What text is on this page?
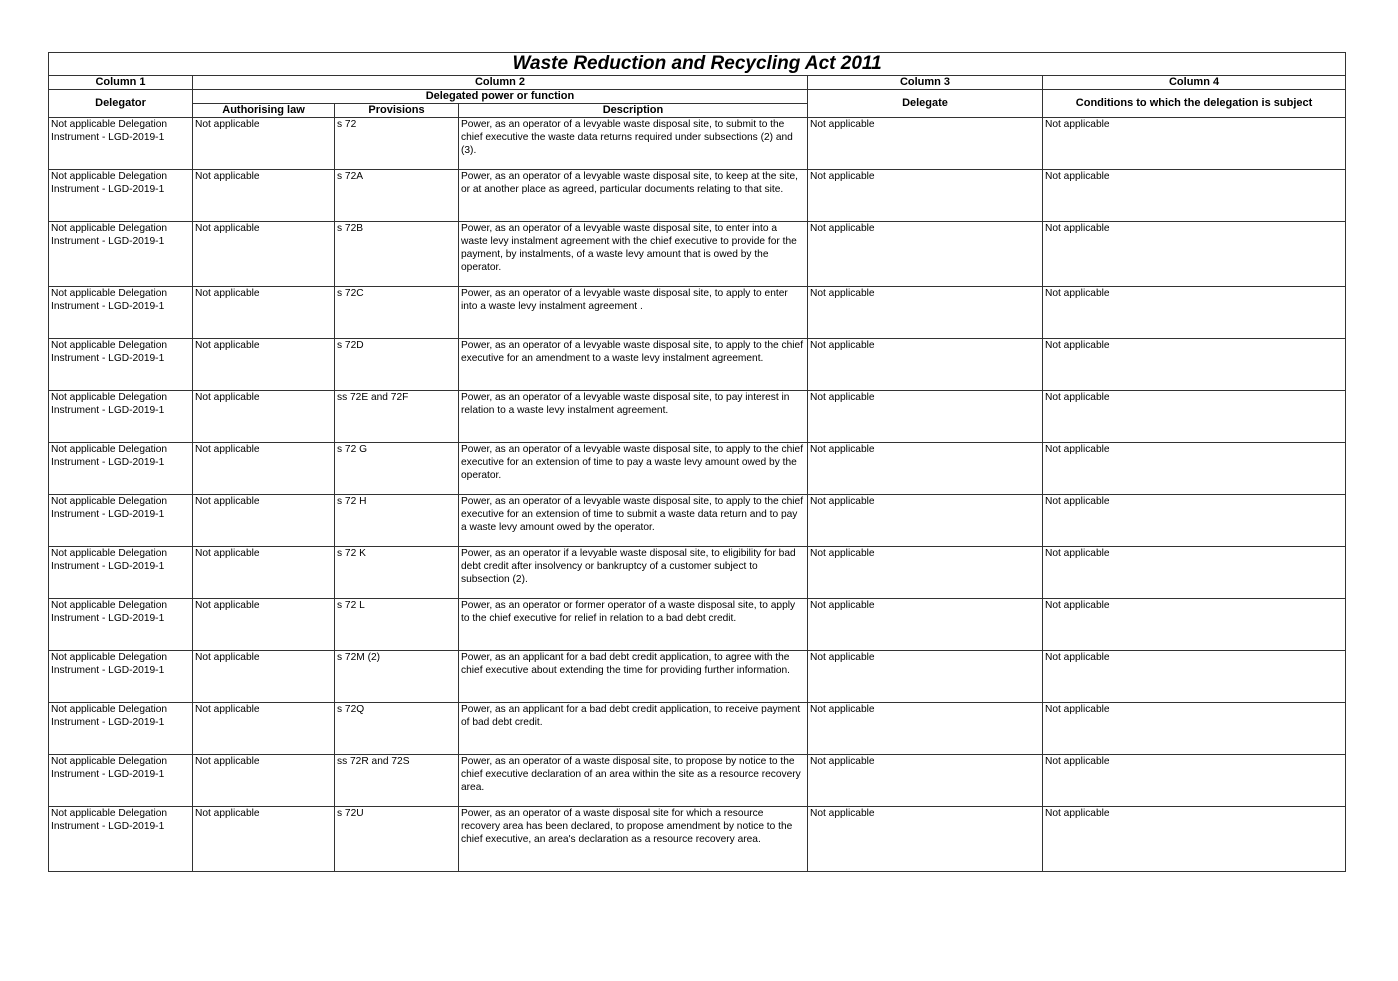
Waste Reduction and Recycling Act 2011					
Column 1	Column 2			Column 3	Column 4
Delegator	Delegated power or function			Delegate	Conditions to which the delegation is subject
	Authorising law	Provisions	Description		
Not applicable Delegation Instrument - LGD-2019-1	Not applicable	s 72	Power, as an operator of a levyable waste disposal site, to submit to the chief executive the waste data returns required under subsections (2) and (3).	Not applicable	Not applicable
Not applicable Delegation Instrument - LGD-2019-1	Not applicable	s 72A	Power, as an operator of a levyable waste disposal site, to keep at the site, or at another place as agreed, particular documents relating to that site.	Not applicable	Not applicable
Not applicable Delegation Instrument - LGD-2019-1	Not applicable	s 72B	Power, as an operator of a levyable waste disposal site, to enter into a waste levy instalment agreement with the chief executive to provide for the payment, by instalments, of a waste levy amount that is owed by the operator.	Not applicable	Not applicable
Not applicable Delegation Instrument - LGD-2019-1	Not applicable	s 72C	Power, as an operator of a levyable waste disposal site, to apply to enter into a waste levy instalment agreement .	Not applicable	Not applicable
Not applicable Delegation Instrument - LGD-2019-1	Not applicable	s 72D	Power, as an operator of a levyable waste disposal site, to apply to the chief executive for an amendment to a waste levy instalment agreement.	Not applicable	Not applicable
Not applicable Delegation Instrument - LGD-2019-1	Not applicable	ss 72E and 72F	Power, as an operator of a levyable waste disposal site, to pay interest in relation to a waste levy instalment agreement.	Not applicable	Not applicable
Not applicable Delegation Instrument - LGD-2019-1	Not applicable	s 72 G	Power, as an operator of a levyable waste disposal site, to apply to the chief executive for an extension of time to pay a waste levy amount owed by the operator.	Not applicable	Not applicable
Not applicable Delegation Instrument - LGD-2019-1	Not applicable	s 72 H	Power, as an operator of a levyable waste disposal site, to apply to the chief executive for an extension of time to submit a waste data return and to pay a waste levy amount owed by the operator.	Not applicable	Not applicable
Not applicable Delegation Instrument - LGD-2019-1	Not applicable	s 72 K	Power, as an operator if a levyable waste disposal site, to eligibility for bad debt credit after insolvency or bankruptcy of a customer subject to subsection (2).	Not applicable	Not applicable
Not applicable Delegation Instrument - LGD-2019-1	Not applicable	s 72 L	Power, as an operator or former operator of a waste disposal site, to apply to the chief executive for relief in relation to a bad debt credit.	Not applicable	Not applicable
Not applicable Delegation Instrument - LGD-2019-1	Not applicable	s 72M (2)	Power, as an applicant for a bad debt credit application, to agree with the chief executive about extending the time for providing further information.	Not applicable	Not applicable
Not applicable Delegation Instrument - LGD-2019-1	Not applicable	s 72Q	Power, as an applicant for a bad debt credit application, to receive payment of bad debt credit.	Not applicable	Not applicable
Not applicable Delegation Instrument - LGD-2019-1	Not applicable	ss 72R and 72S	Power, as an operator of a waste disposal site, to propose by notice to the chief executive declaration of an area within the site as a resource recovery area.	Not applicable	Not applicable
Not applicable Delegation Instrument - LGD-2019-1	Not applicable	s 72U	Power, as an operator of a waste disposal site for which a resource recovery area has been declared, to propose amendment by notice to the chief executive, an area's declaration as a resource recovery area.	Not applicable	Not applicable
